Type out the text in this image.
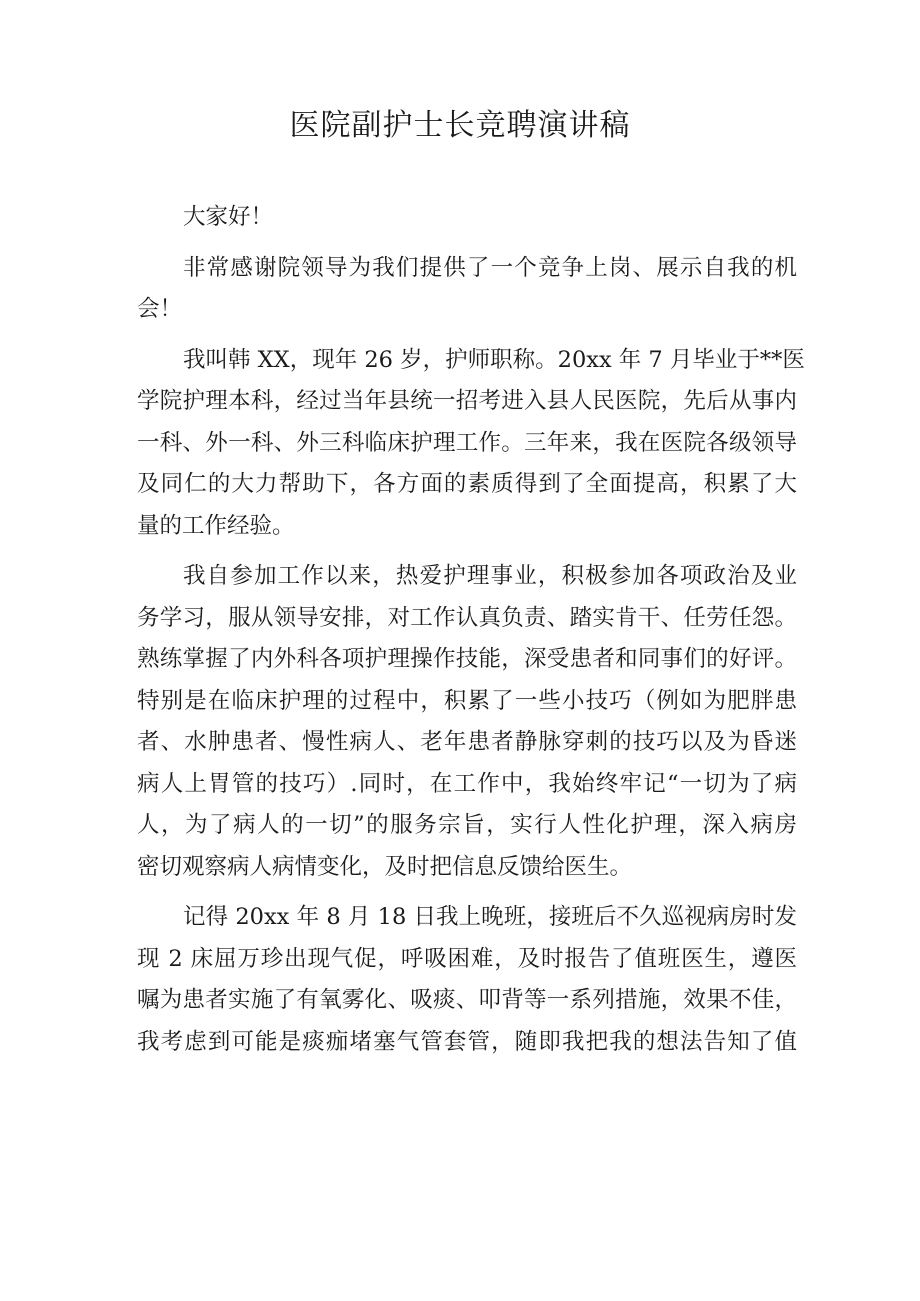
医院副护士长竞聘演讲稿
大家好！
非常感谢院领导为我们提供了一个竞争上岗、展示自我的机
会！
我叫韩 XX，现年 26 岁，护师职称。20xx 年 7 月毕业于**医
学院护理本科，经过当年县统一招考进入县人民医院，先后从事内
一科、外一科、外三科临床护理工作。三年来，我在医院各级领导
及同仁的大力帮助下，各方面的素质得到了全面提高，积累了大
量的工作经验。
我自参加工作以来，热爱护理事业，积极参加各项政治及业
务学习，服从领导安排，对工作认真负责、踏实肯干、任劳任怨。
熟练掌握了内外科各项护理操作技能，深受患者和同事们的好评。
特别是在临床护理的过程中，积累了一些小技巧（例如为肥胖患
者、水肿患者、慢性病人、老年患者静脉穿刺的技巧以及为昏迷
病人上胃管的技巧）.同时，在工作中，我始终牢记“一切为了病
人，为了病人的一切”的服务宗旨，实行人性化护理，深入病房
密切观察病人病情变化，及时把信息反馈给医生。
记得 20xx 年 8 月 18 日我上晚班，接班后不久巡视病房时发
现 2 床屈万珍出现气促，呼吸困难，及时报告了值班医生，遵医
嘱为患者实施了有氧雾化、吸痰、叩背等一系列措施，效果不佳，
我考虑到可能是痰痂堵塞气管套管，随即我把我的想法告知了值
